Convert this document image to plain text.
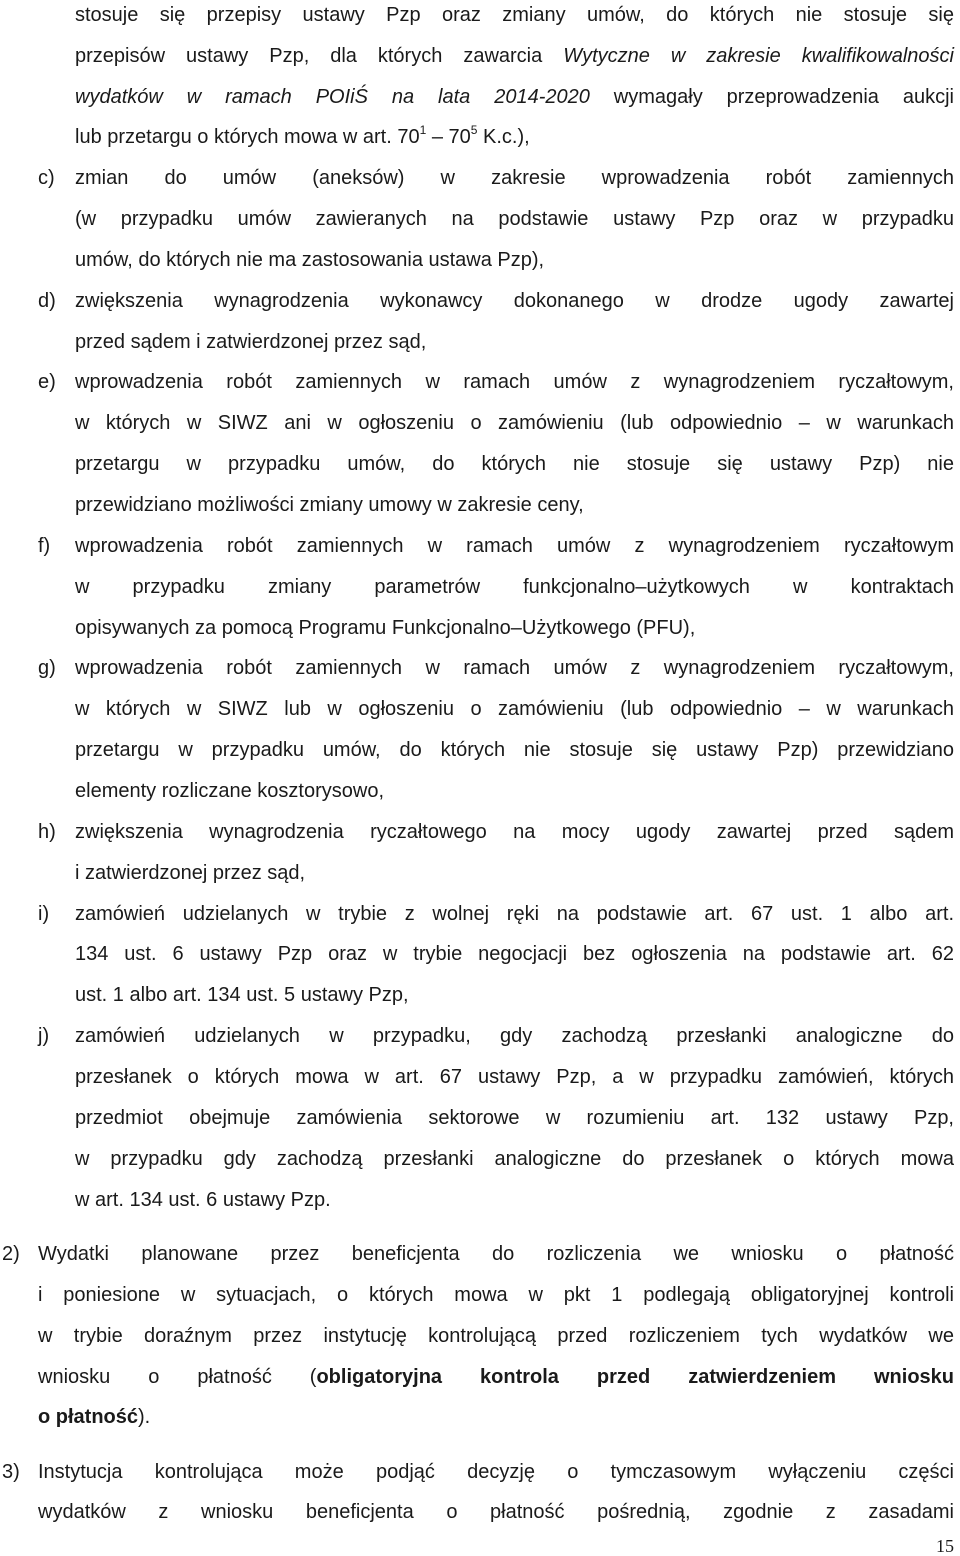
stosuje się przepisy ustawy Pzp oraz zmiany umów, do których nie stosuje się
przepisów ustawy Pzp, dla których zawarcia Wytyczne w zakresie kwalifikowalności
wydatków w ramach POIiŚ na lata 2014-2020 wymagały przeprowadzenia aukcji
lub przetargu o których mowa w art. $70^1 - 70^5$ K.c.),
c) zmian do umów (aneksów) w zakresie wprowadzenia robót zamiennych
(w przypadku umów zawieranych na podstawie ustawy Pzp oraz w przypadku
umów, do których nie ma zastosowania ustawa Pzp),
d) zwiększenia wynagrodzenia wykonawcy dokonanego w drodze ugody zawartej
przed sądem i zatwierdzonej przez sąd,
e) wprowadzenia robót zamiennych w ramach umów z wynagrodzeniem ryczałtowym,
w których w SIWZ ani w ogłoszeniu o zamówieniu (lub odpowiednio – w warunkach
przetargu w przypadku umów, do których nie stosuje się ustawy Pzp) nie
przewidziano możliwości zmiany umowy w zakresie ceny,
f) wprowadzenia robót zamiennych w ramach umów z wynagrodzeniem ryczałtowym
w przypadku zmiany parametrów funkcjonalno–użytkowych w kontraktach
opisywanych za pomocą Programu Funkcjonalno–Użytkowego (PFU),
g) wprowadzenia robót zamiennych w ramach umów z wynagrodzeniem ryczałtowym,
w których w SIWZ lub w ogłoszeniu o zamówieniu (lub odpowiednio – w warunkach
przetargu w przypadku umów, do których nie stosuje się ustawy Pzp) przewidziano
elementy rozliczane kosztorysowo,
h) zwiększenia wynagrodzenia ryczałtowego na mocy ugody zawartej przed sądem
i zatwierdzonej przez sąd,
i) zamówień udzielanych w trybie z wolnej ręki na podstawie art. 67 ust. 1 albo art.
134 ust. 6 ustawy Pzp oraz w trybie negocjacji bez ogłoszenia na podstawie art. 62
ust. 1 albo art. 134 ust. 5 ustawy Pzp,
j) zamówień udzielanych w przypadku, gdy zachodzą przesłanki analogiczne do
przesłanek o których mowa w art. 67 ustawy Pzp, a w przypadku zamówień, których
przedmiot obejmuje zamówienia sektorowe w rozumieniu art. 132 ustawy Pzp,
w przypadku gdy zachodzą przesłanki analogiczne do przesłanek o których mowa
w art. 134 ust. 6 ustawy Pzp.
2) Wydatki planowane przez beneficjenta do rozliczenia we wniosku o płatność
i poniesione w sytuacjach, o których mowa w pkt 1 podlegają obligatoryjnej kontroli
w trybie doraźnym przez instytucję kontrolującą przed rozliczeniem tych wydatków we
wniosku o płatność (obligatoryjna kontrola przed zatwierdzeniem wniosku
o płatność).
3) Instytucja kontrolująca może podjąć decyzję o tymczasowym wyłączeniu części
wydatków z wniosku beneficjenta o płatność pośrednią, zgodnie z zasadami
15
